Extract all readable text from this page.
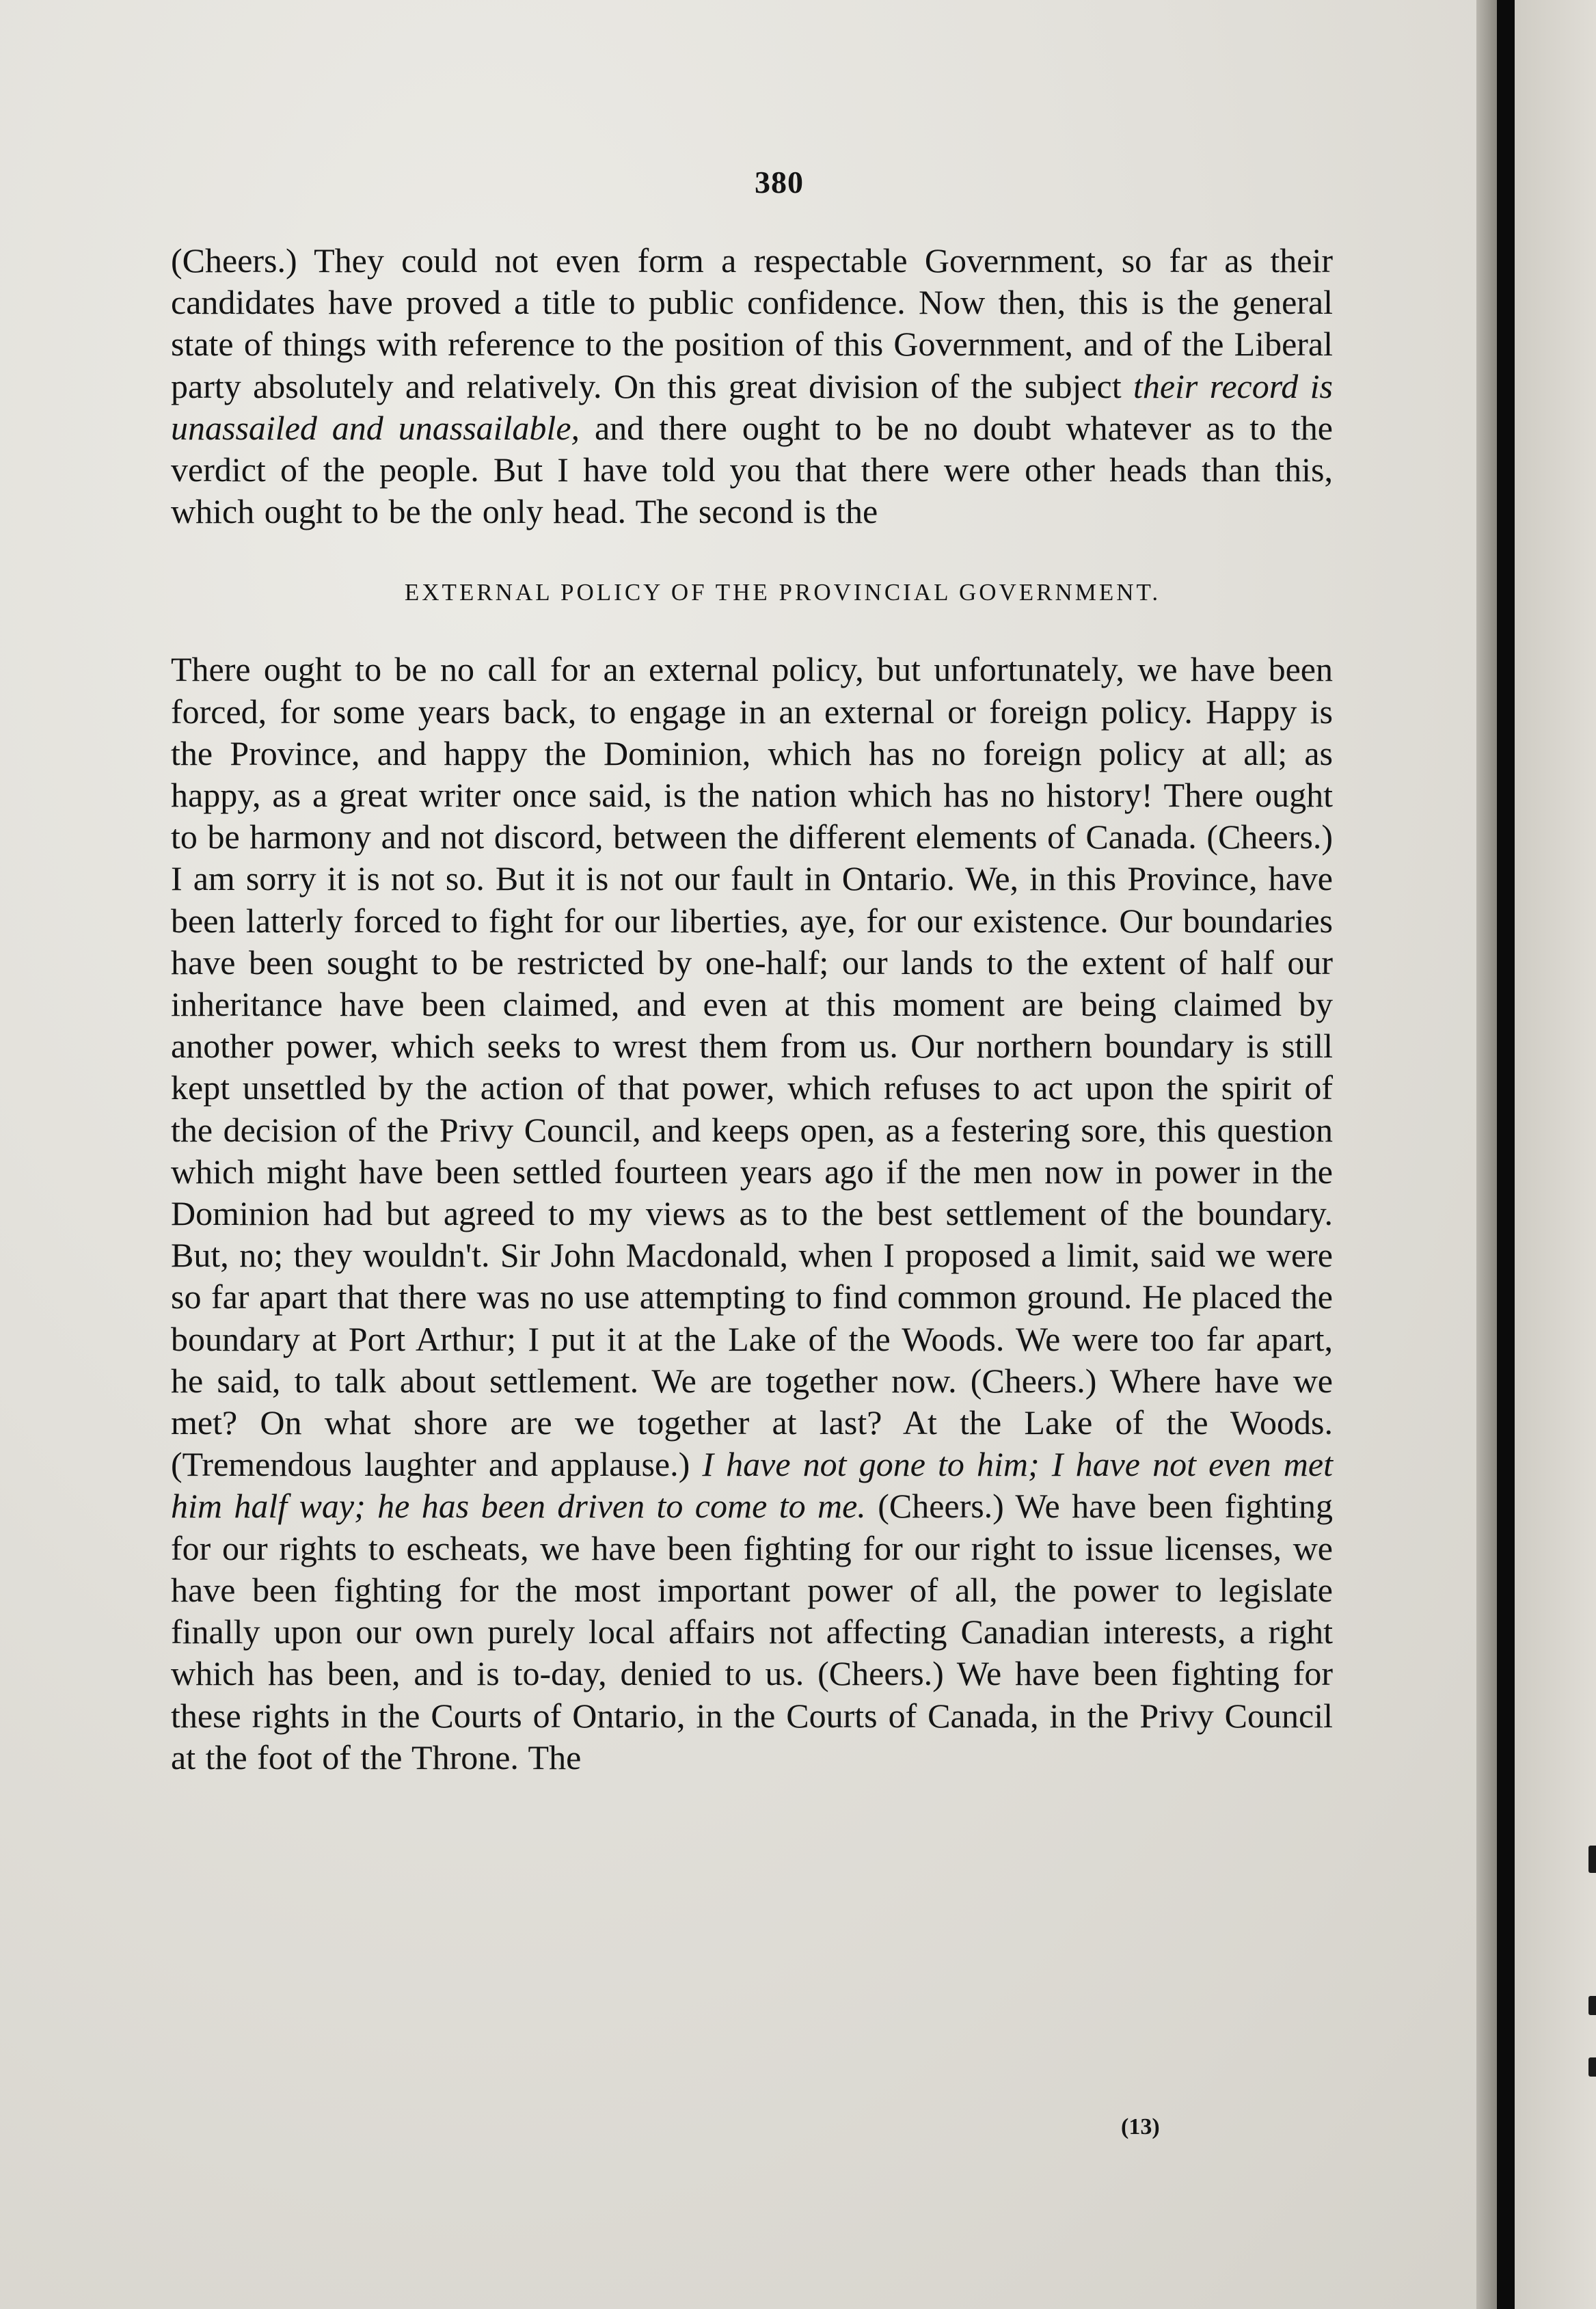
380

(Cheers.) They could not even form a respectable Government, so far as their candidates have proved a title to public confidence. Now then, this is the general state of things with reference to the position of this Government, and of the Liberal party absolutely and relatively. On this great division of the subject their record is unassailed and unassailable, and there ought to be no doubt whatever as to the verdict of the people. But I have told you that there were other heads than this, which ought to be the only head. The second is the

EXTERNAL POLICY OF THE PROVINCIAL GOVERNMENT.

There ought to be no call for an external policy, but unfortunately, we have been forced, for some years back, to engage in an external or foreign policy. Happy is the Province, and happy the Dominion, which has no foreign policy at all; as happy, as a great writer once said, is the nation which has no history! There ought to be harmony and not discord, between the different elements of Canada. (Cheers.) I am sorry it is not so. But it is not our fault in Ontario. We, in this Province, have been latterly forced to fight for our liberties, aye, for our existence. Our boundaries have been sought to be restricted by one-half; our lands to the extent of half our inheritance have been claimed, and even at this moment are being claimed by another power, which seeks to wrest them from us. Our northern boundary is still kept unsettled by the action of that power, which refuses to act upon the spirit of the decision of the Privy Council, and keeps open, as a festering sore, this question which might have been settled fourteen years ago if the men now in power in the Dominion had but agreed to my views as to the best settlement of the boundary. But, no; they wouldn't. Sir John Macdonald, when I proposed a limit, said we were so far apart that there was no use attempting to find common ground. He placed the boundary at Port Arthur; I put it at the Lake of the Woods. We were too far apart, he said, to talk about settlement. We are together now. (Cheers.) Where have we met? On what shore are we together at last? At the Lake of the Woods. (Tremendous laughter and applause.) I have not gone to him; I have not even met him half way; he has been driven to come to me. (Cheers.) We have been fighting for our rights to escheats, we have been fighting for our right to issue licenses, we have been fighting for the most important power of all, the power to legislate finally upon our own purely local affairs not affecting Canadian interests, a right which has been, and is to-day, denied to us. (Cheers.) We have been fighting for these rights in the Courts of Ontario, in the Courts of Canada, in the Privy Council at the foot of the Throne. The

(13)
